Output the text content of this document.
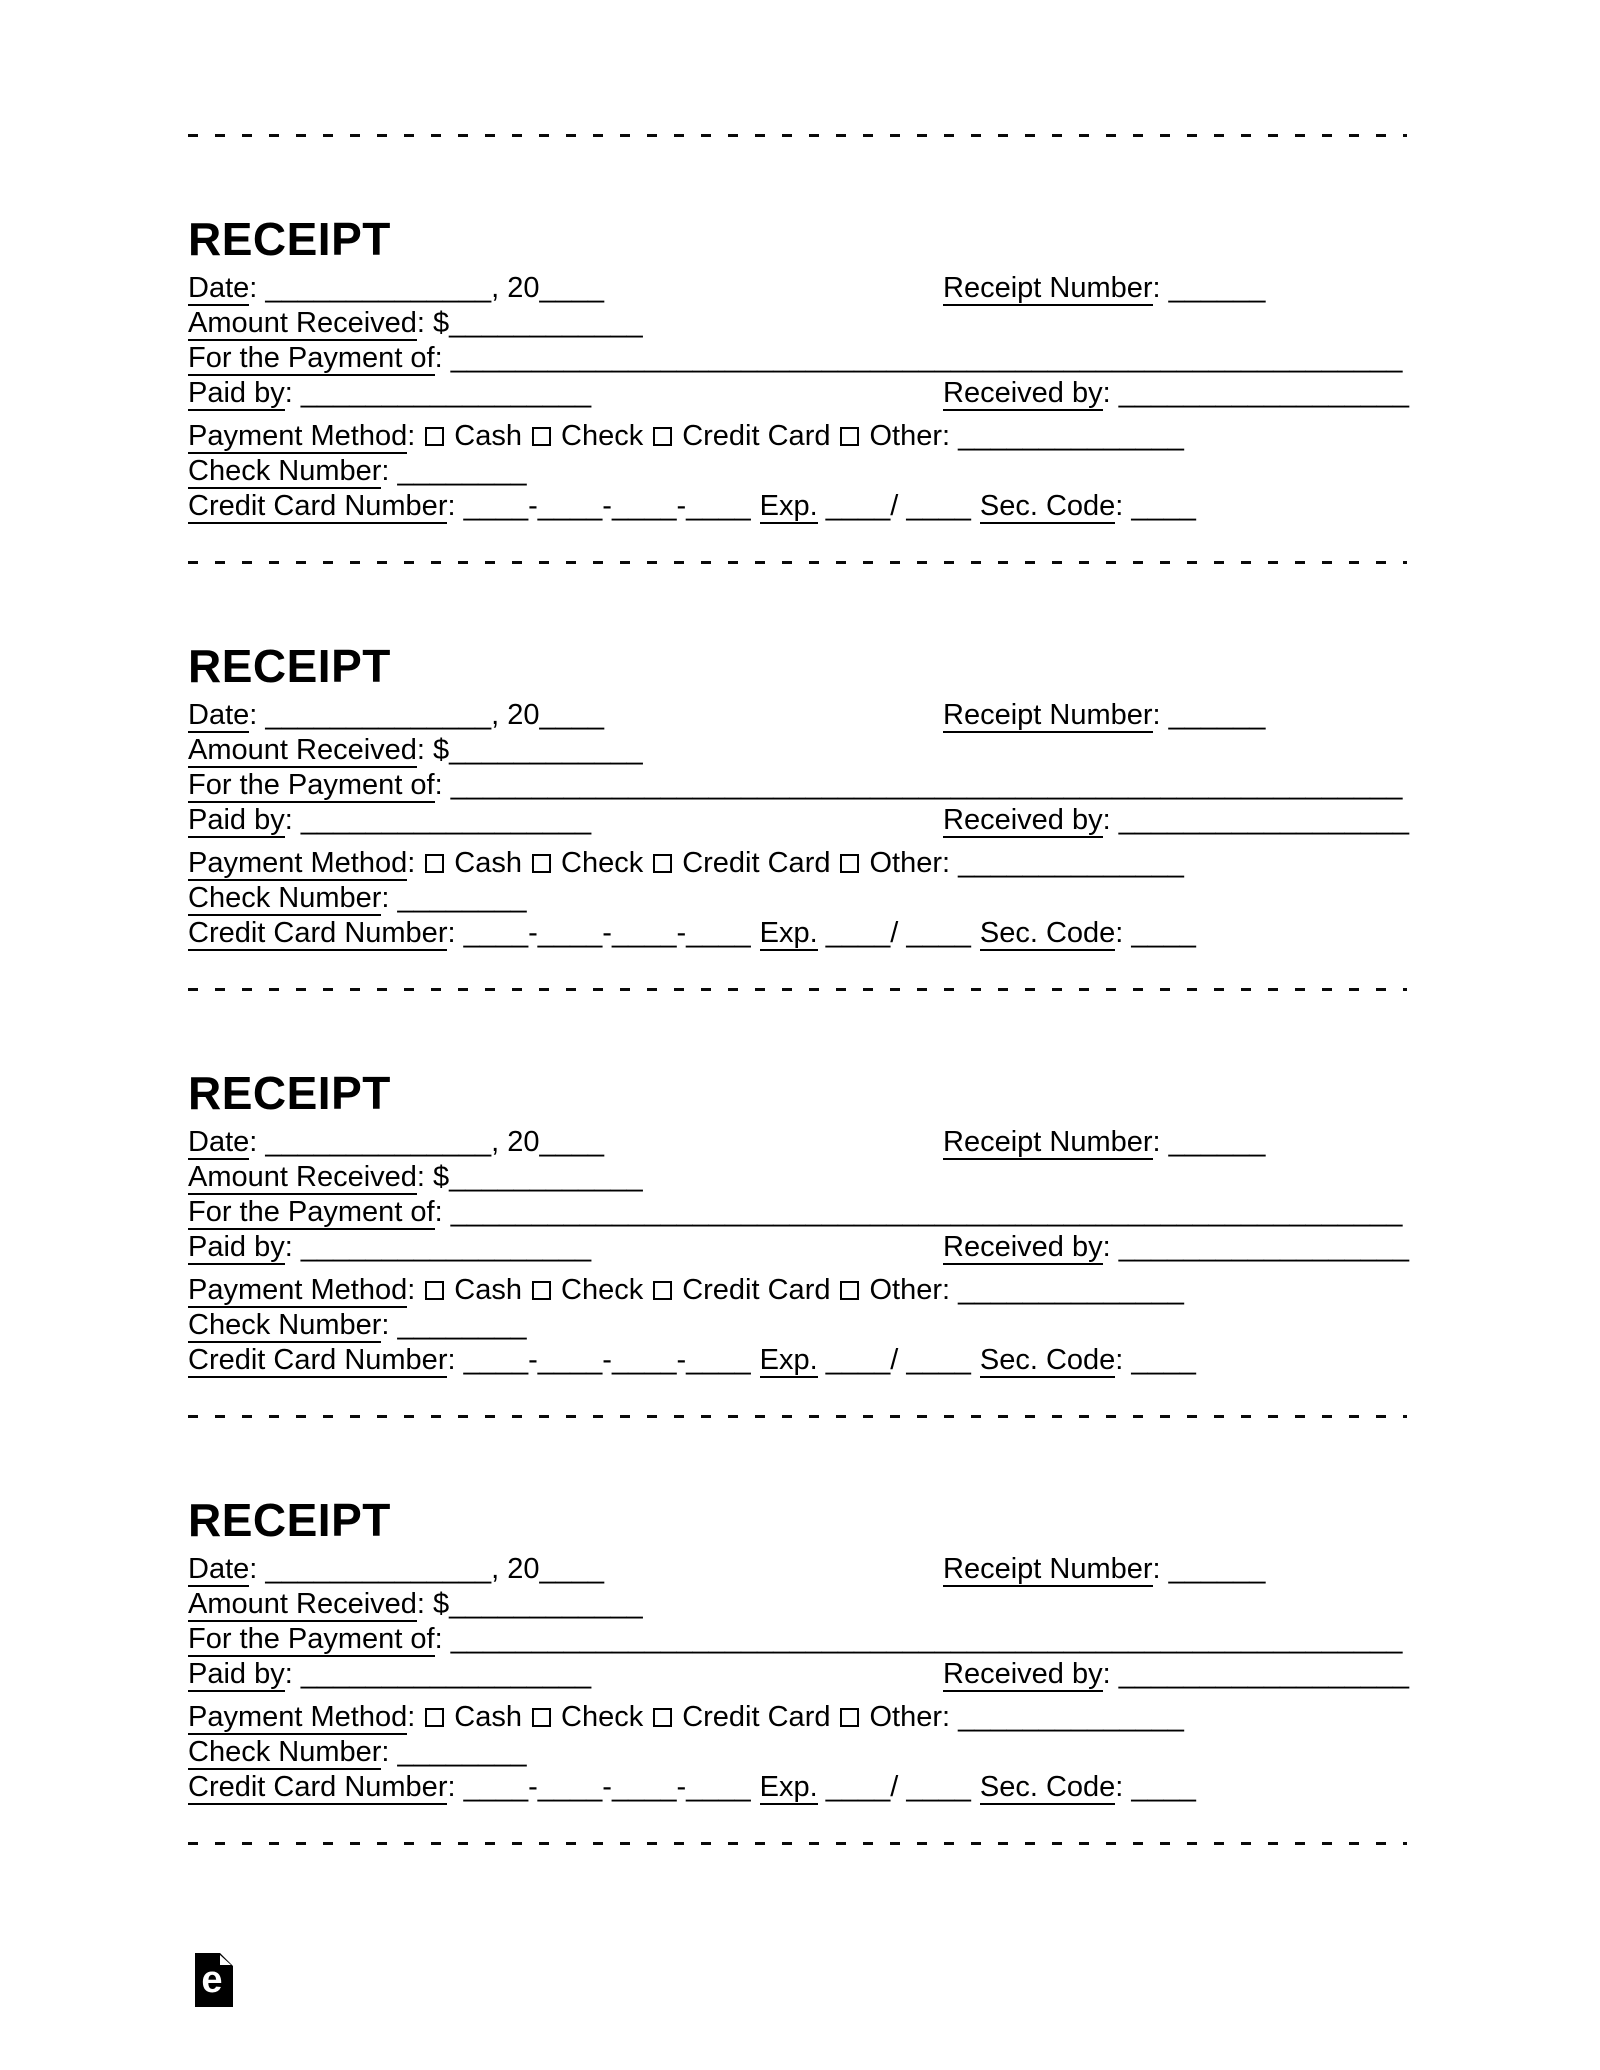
RECEIPT
Date: ______________, 20____	Receipt Number: ______
Amount Received: $____________
For the Payment of: ___________________________________________________________
Paid by: __________________	Received by: __________________
Payment Method: Cash Check Credit Card Other: ______________
Check Number: ________
Credit Card Number: ____-____-____-____ Exp. ____/ ____ Sec. Code: ____
RECEIPT
Date: ______________, 20____	Receipt Number: ______
Amount Received: $____________
For the Payment of: ___________________________________________________________
Paid by: __________________	Received by: __________________
Payment Method: Cash Check Credit Card Other: ______________
Check Number: ________
Credit Card Number: ____-____-____-____ Exp. ____/ ____ Sec. Code: ____
RECEIPT
Date: ______________, 20____	Receipt Number: ______
Amount Received: $____________
For the Payment of: ___________________________________________________________
Paid by: __________________	Received by: __________________
Payment Method: Cash Check Credit Card Other: ______________
Check Number: ________
Credit Card Number: ____-____-____-____ Exp. ____/ ____ Sec. Code: ____
RECEIPT
Date: ______________, 20____	Receipt Number: ______
Amount Received: $____________
For the Payment of: ___________________________________________________________
Paid by: __________________	Received by: __________________
Payment Method: Cash Check Credit Card Other: ______________
Check Number: ________
Credit Card Number: ____-____-____-____ Exp. ____/ ____ Sec. Code: ____
e
